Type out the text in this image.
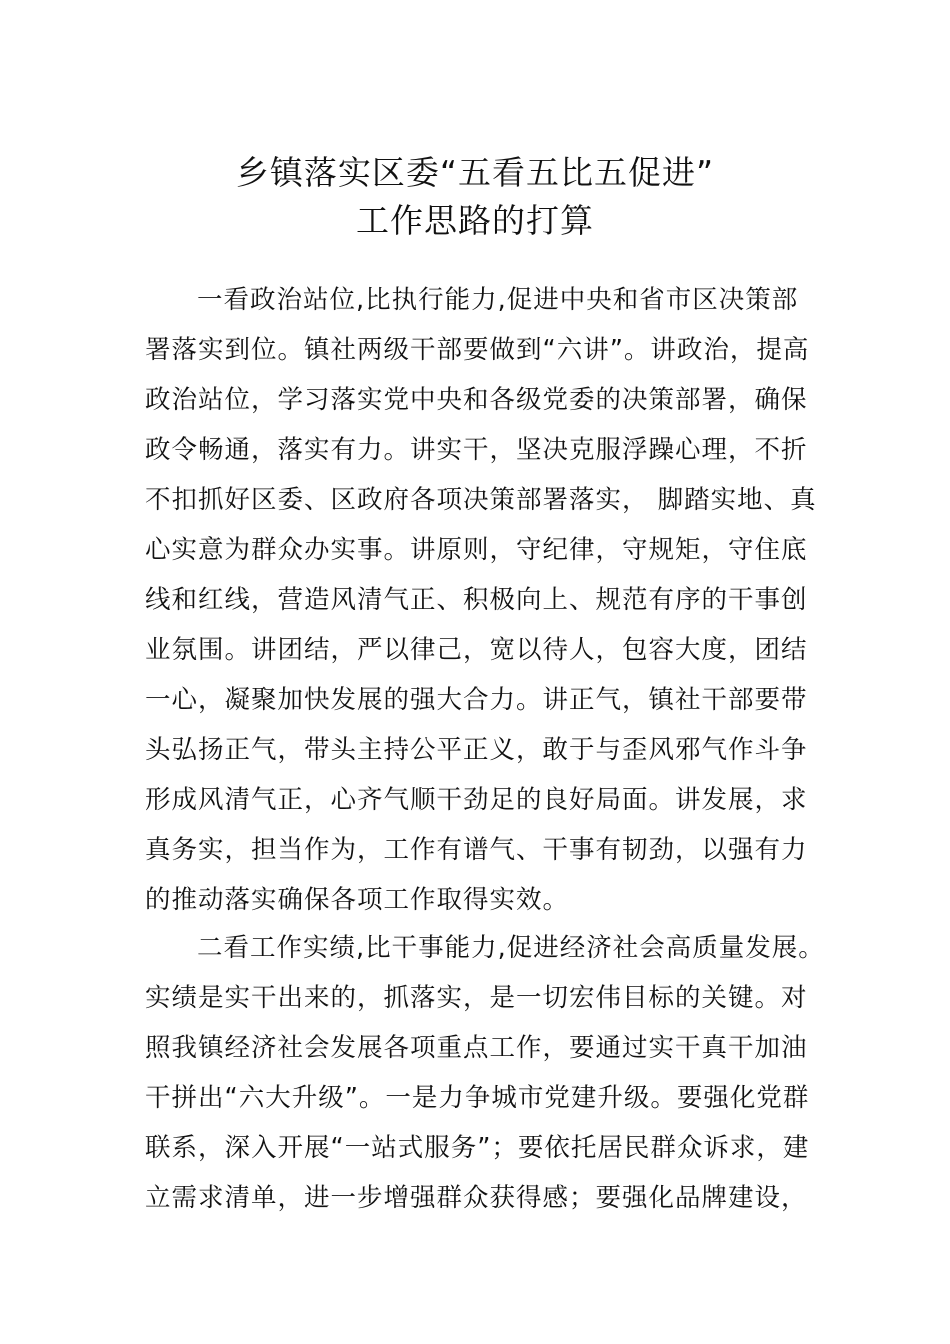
乡镇落实区委“五看五比五促进”
工作思路的打算
一看政治站位,比执行能力,促进中央和省市区决策部
署落实到位。镇社两级干部要做到“六讲”。讲政治，提高
政治站位，学习落实党中央和各级党委的决策部署，确保
政令畅通，落实有力。讲实干，坚决克服浮躁心理，不折
不扣抓好区委、区政府各项决策部署落实， 脚踏实地、真
心实意为群众办实事。讲原则，守纪律，守规矩，守住底
线和红线，营造风清气正、积极向上、规范有序的干事创
业氛围。讲团结，严以律己，宽以待人，包容大度，团结
一心，凝聚加快发展的强大合力。讲正气，镇社干部要带
头弘扬正气，带头主持公平正义，敢于与歪风邪气作斗争
形成风清气正，心齐气顺干劲足的良好局面。讲发展，求
真务实，担当作为，工作有谱气、干事有韧劲，以强有力
的推动落实确保各项工作取得实效。
二看工作实绩,比干事能力,促进经济社会高质量发展。
实绩是实干出来的，抓落实，是一切宏伟目标的关键。对
照我镇经济社会发展各项重点工作，要通过实干真干加油
干拼出“六大升级”。一是力争城市党建升级。要强化党群
联系，深入开展“一站式服务”；要依托居民群众诉求，建
立需求清单，进一步增强群众获得感；要强化品牌建设，
